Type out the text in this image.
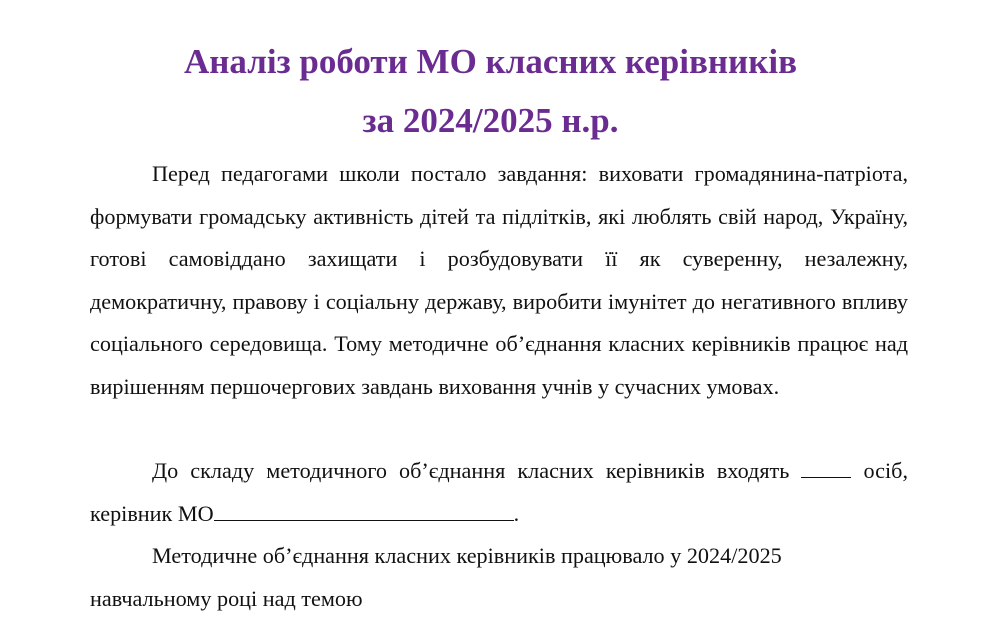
Аналіз роботи МО класних керівників
за 2024/2025 н.р.

Перед педагогами школи постало завдання: виховати громадянина-патріота, формувати громадську активність дітей та підлітків, які люблять свій народ, Україну, готові самовіддано захищати і розбудовувати її як суверенну, незалежну, демократичну, правову і соціальну державу, виробити імунітет до негативного впливу соціального середовища. Тому методичне об’єднання класних керівників працює над вирішенням першочергових завдань виховання учнів у сучасних умовах.

До складу методичного об’єднання класних керівників входять	осіб, керівник МО	.

Методичне об’єднання класних керівників працювало у 2024/2025 навчальному році над темою
